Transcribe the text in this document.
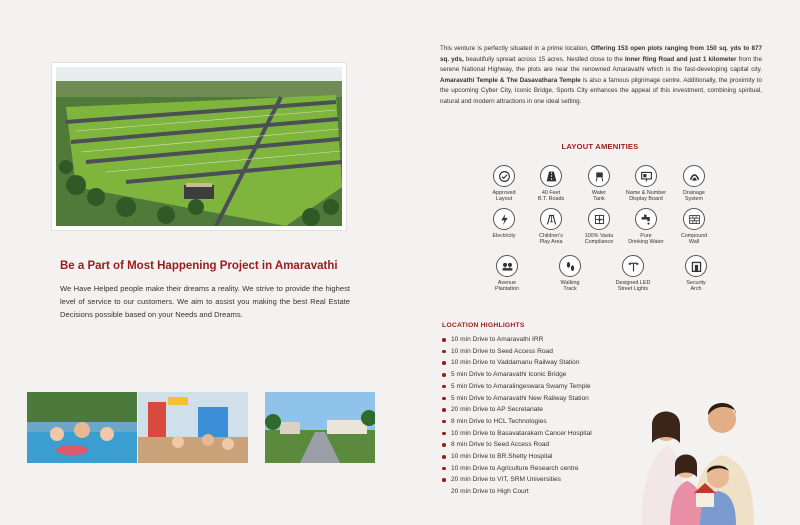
Be a Part of Most Happening Project in Amaravathi
We Have Helped people make their dreams a reality. We strive to provide the highest level of service to our customers. We aim to assist you making the best Real Estate Decisions possible based on your Needs and Dreams.
This venture is perfectly situated in a prime location, Offering 153 open plots ranging from 150 sq. yds to 877 sq. yds, beautifully spread across 15 acres. Nestled close to the Inner Ring Road and just 1 kilometer from the serene National Highway, the plots are near the renowned Amaravathi which is the fast-developing capital city. Amaravathi Temple & The Dasavathara Temple is also a famous pilgrimage centre. Additionally, the proximity to the upcoming Cyber City, Iconic Bridge, Sports City enhances the appeal of this investment, combining spiritual, natural and modern attractions in one ideal setting.
LAYOUT AMENITIES
Approved
Layout
40 Feet
B.T. Roads
Water
Tank
Name & Number
Display Board
Drainage
System
Electricity	Children's
Play Area
100% Vastu
Compliance
Pure
Drinking Water
Compound
Wall
Avenue
Plantation
Walking
Track
Designed LED
Street Lights
Security
Arch
LOCATION HIGHLIGHTS
10 min Drive to Amaravathi IRR
10 min Drive to Seed Access Road
10 min Drive to Vaddamanu Railway Station
5 min Drive to Amaravathi Iconic Bridge
5 min Drive to Amaralingeswara Swamy Temple
5 min Drive to Amaravathi New Railway Station
20 min Drive to AP Secretariate
8 min Drive to HCL Technologies
10 min Drive to Basavatarakam Cancer Hospital
8 min Drive to Seed Access Road
10 min Drive to BR.Shetty Hospital
10 min Drive to Agriculture Research centre
20 min Drive to VIT, SRM Universities
20 min Drive to High Court
